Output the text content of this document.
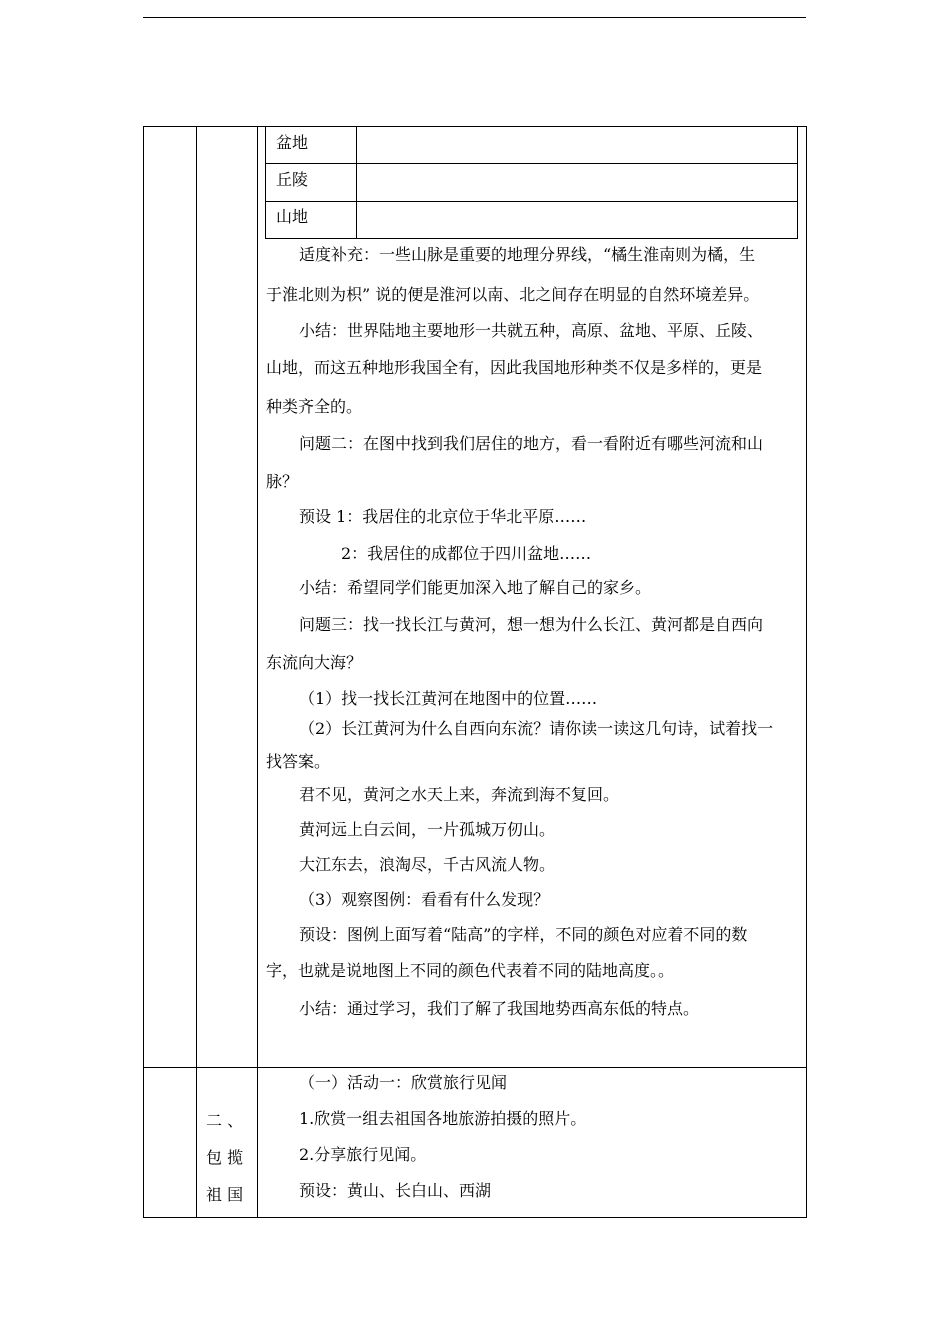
盆地
丘陵
山地
适度补充：一些山脉是重要的地理分界线，“橘生淮南则为橘，生
于淮北则为枳” 说的便是淮河以南、北之间存在明显的自然环境差异。
小结：世界陆地主要地形一共就五种，高原、盆地、平原、丘陵、
山地，而这五种地形我国全有，因此我国地形种类不仅是多样的，更是
种类齐全的。
问题二：在图中找到我们居住的地方，看一看附近有哪些河流和山
脉？
预设 1：我居住的北京位于华北平原……
2：我居住的成都位于四川盆地……
小结：希望同学们能更加深入地了解自己的家乡。
问题三：找一找长江与黄河，想一想为什么长江、黄河都是自西向
东流向大海？
（1）找一找长江黄河在地图中的位置……
（2）长江黄河为什么自西向东流？请你读一读这几句诗，试着找一
找答案。
君不见，黄河之水天上来，奔流到海不复回。
黄河远上白云间，一片孤城万仞山。
大江东去，浪淘尽，千古风流人物。
（3）观察图例：看看有什么发现？
预设：图例上面写着“陆高”的字样，不同的颜色对应着不同的数
字，也就是说地图上不同的颜色代表着不同的陆地高度。。
小结：通过学习，我们了解了我国地势西高东低的特点。
二 、
包 揽
祖 国
（一）活动一：欣赏旅行见闻
1.欣赏一组去祖国各地旅游拍摄的照片。
2.分享旅行见闻。
预设：黄山、长白山、西湖
